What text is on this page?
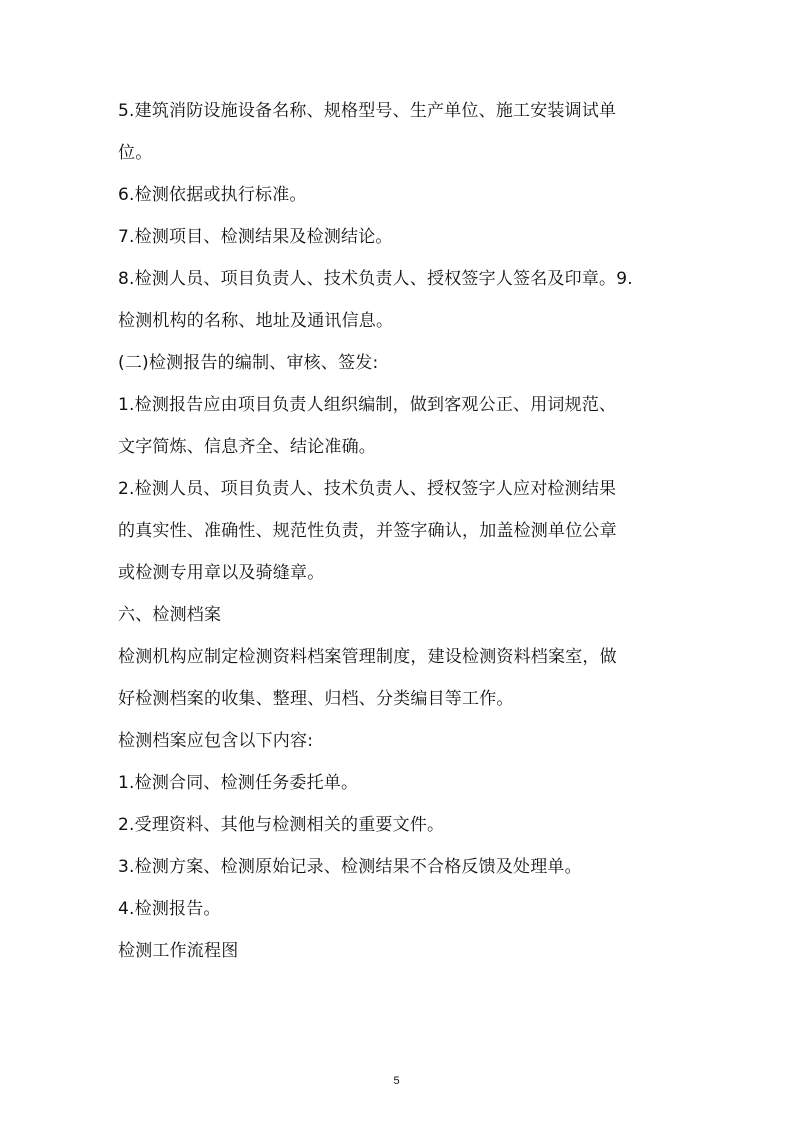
5.建筑消防设施设备名称、规格型号、生产单位、施工安装调试单
位。
6.检测依据或执行标准。
7.检测项目、检测结果及检测结论。
8.检测人员、项目负责人、技术负责人、授权签字人签名及印章。9.
检测机构的名称、地址及通讯信息。
(二)检测报告的编制、审核、签发:
1.检测报告应由项目负责人组织编制，做到客观公正、用词规范、
文字简炼、信息齐全、结论准确。
2.检测人员、项目负责人、技术负责人、授权签字人应对检测结果
的真实性、准确性、规范性负责，并签字确认，加盖检测单位公章
或检测专用章以及骑缝章。
六、检测档案
检测机构应制定检测资料档案管理制度，建设检测资料档案室，做
好检测档案的收集、整理、归档、分类编目等工作。
检测档案应包含以下内容:
1.检测合同、检测任务委托单。
2.受理资料、其他与检测相关的重要文件。
3.检测方案、检测原始记录、检测结果不合格反馈及处理单。
4.检测报告。
检测工作流程图
5
